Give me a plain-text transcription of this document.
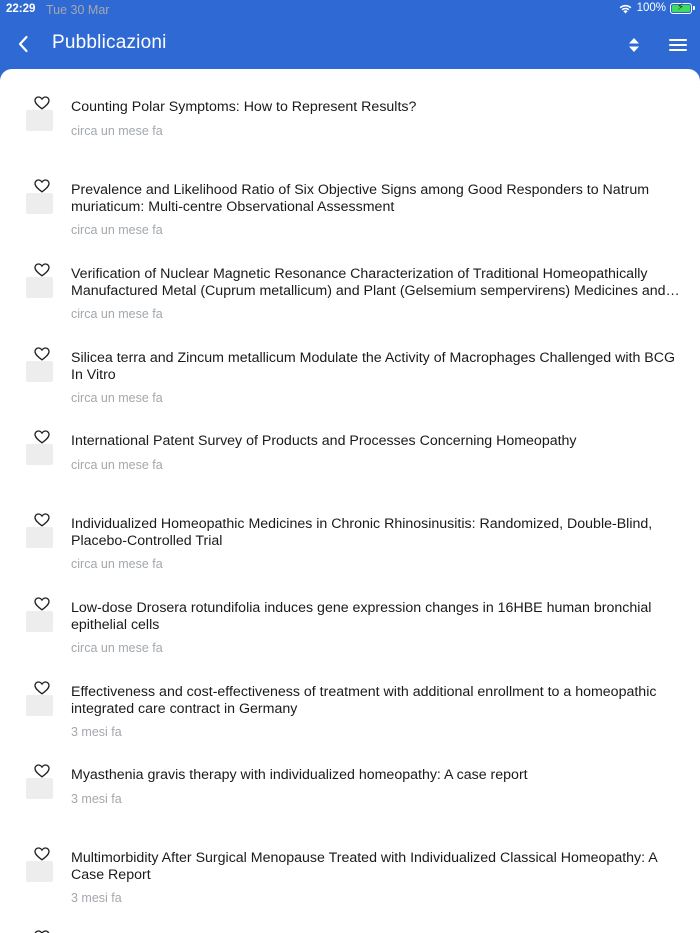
22:29 Tue 30 Mar	100% ⚡
Pubblicazioni
Counting Polar Symptoms: How to Represent Results?
circa un mese fa
Prevalence and Likelihood Ratio of Six Objective Signs among Good Responders to Natrum muriaticum: Multi-centre Observational Assessment
circa un mese fa
Verification of Nuclear Magnetic Resonance Characterization of Traditional Homeopathically Manufactured Metal (Cuprum metallicum) and Plant (Gelsemium sempervirens) Medicines and
circa un mese fa
Silicea terra and Zincum metallicum Modulate the Activity of Macrophages Challenged with BCG In Vitro
circa un mese fa
International Patent Survey of Products and Processes Concerning Homeopathy
circa un mese fa
Individualized Homeopathic Medicines in Chronic Rhinosinusitis: Randomized, Double-Blind, Placebo-Controlled Trial
circa un mese fa
Low-dose Drosera rotundifolia induces gene expression changes in 16HBE human bronchial epithelial cells
circa un mese fa
Effectiveness and cost-effectiveness of treatment with additional enrollment to a homeopathic integrated care contract in Germany
3 mesi fa
Myasthenia gravis therapy with individualized homeopathy: A case report
3 mesi fa
Multimorbidity After Surgical Menopause Treated with Individualized Classical Homeopathy: A Case Report
3 mesi fa
